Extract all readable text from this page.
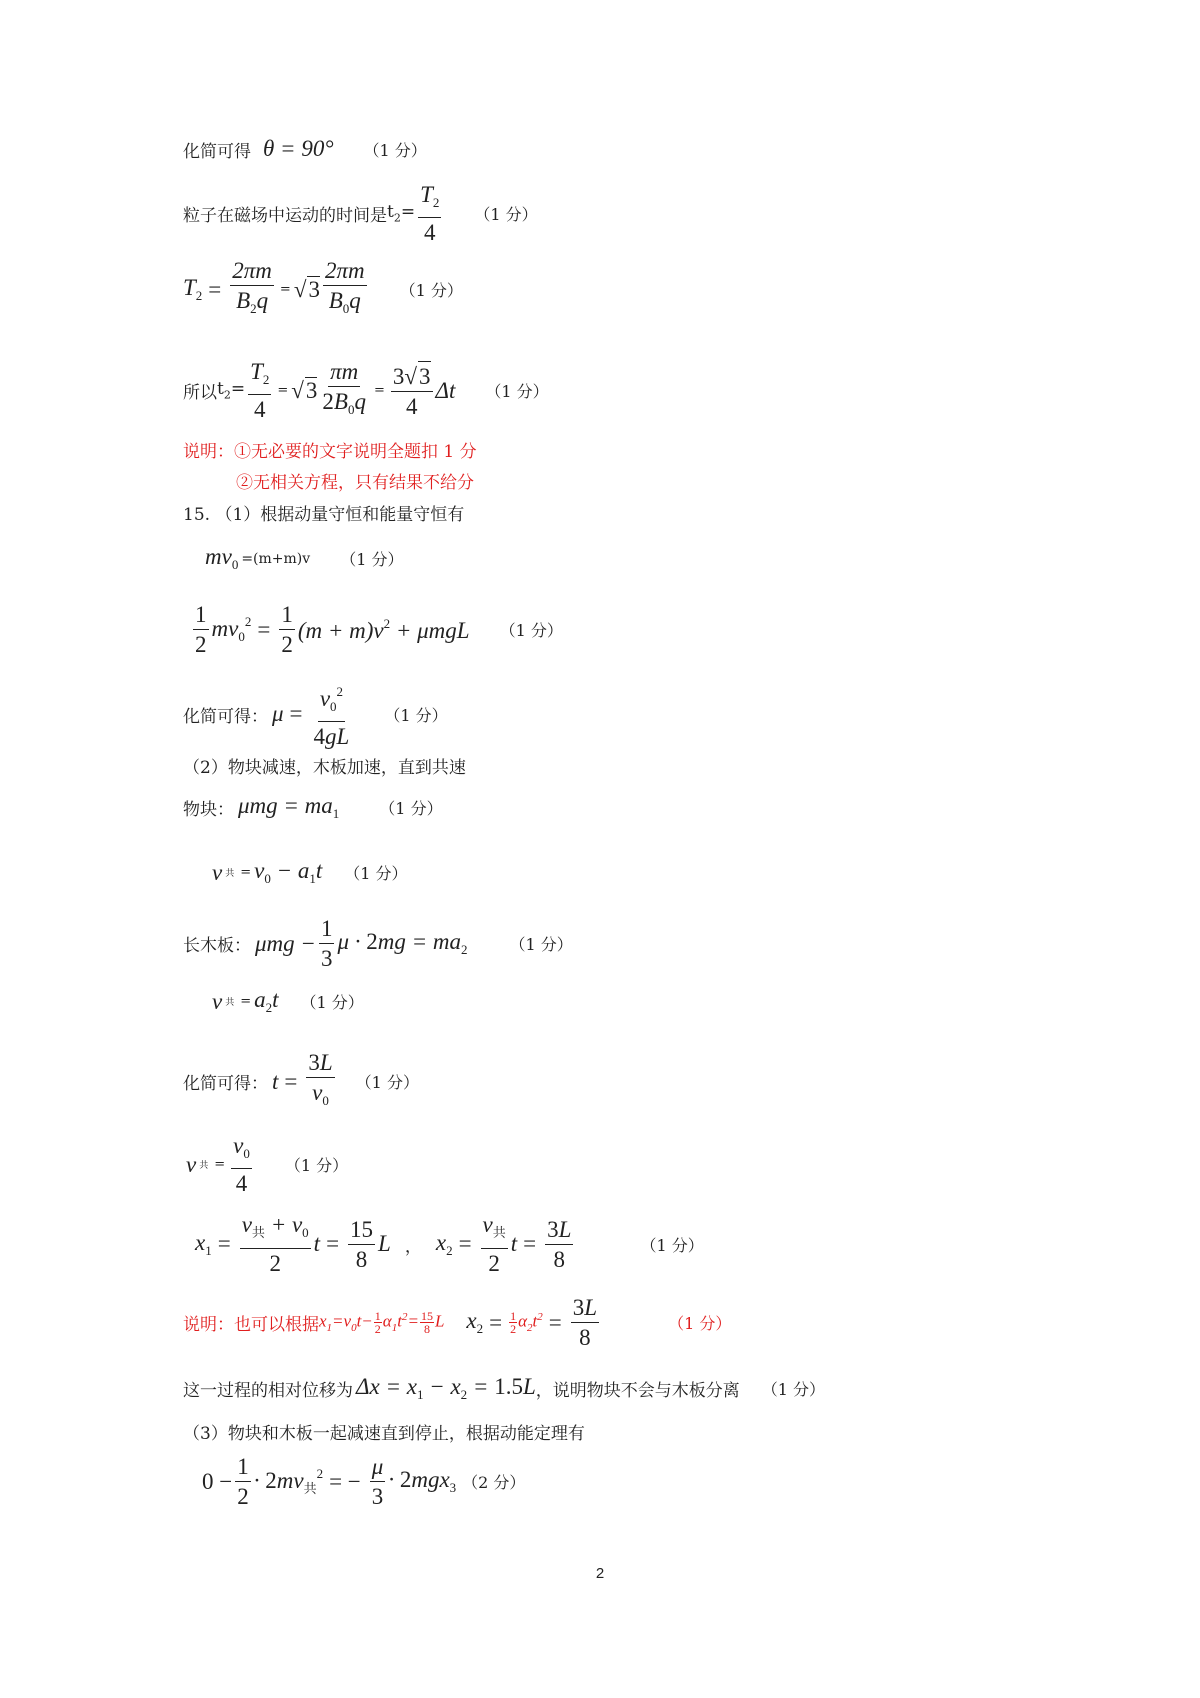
化简可得 θ = 90° （1 分）
粒子在磁场中运动的时间是 $t_2= \frac{T_2}{4} (1$ 分）
$T_2 = \frac{2\pi m}{B_2q} = √3 \frac{2\pi m}{B_0q} (1$ 分）
所以 $t_2= \frac{T_2}{4} = √3 \frac{\pi m}{2B_0q} = \frac{3√3}{4}$ Δt （1 分）
说明： ①无必要的文字说明全题扣 1 分
②无相关方程，只有结果不给分
15. （1）根据动量守恒和能量守恒有
$mv_0 =(m+m)v$ （1 分）
$\frac{1}{2} mv_0^2 = \frac{1}{2} (m + m)v^2 + \mu mgL$ （1 分）
化简可得： $\mu = \frac{v_0^2}{4gL} (1$ 分）
（2）物块减速，木板加速，直到共速
物块： $\mu mg = ma_1$	（1 分）
v 共 = $v_0 - a_1t$ （1 分）
长木板： $\mu mg - \frac{1}{3}$ $\mu \cdot 2mg = ma_2$	（1 分）
v 共 = $a_2t$ （1 分）
化简可得： $t = \frac{3L}{v_0} (1$ 分）
v 共 = $\frac{v_0}{4} (1$ 分）
$x_1 = \frac{v_共 + v_0}{2}$ $t = \frac{15}{8}$ L ， $x_2 = \frac{v_共}{2}$ $t = \frac{3L}{8}$	（1 分）
说明：也可以根据 $x_1=v_0t- \frac{1}{2} \alpha_1t^2= \frac{15}{8}$ L $x_2 = \frac{1}{2} \alpha_2t^2 = \frac{3L}{8}$	（1 分）
这一过程的相对位移为 $\Delta x = x_1 - x_2 = 1.5L$ ，说明物块不会与木板分离 （1 分）
（3）物块和木板一起减速直到停止，根据动能定理有
$0 - \frac{1}{2} \cdot 2mv_共^2$ = − $\frac{\mu}{3} \cdot 2mgx_3$ （2 分）
2
